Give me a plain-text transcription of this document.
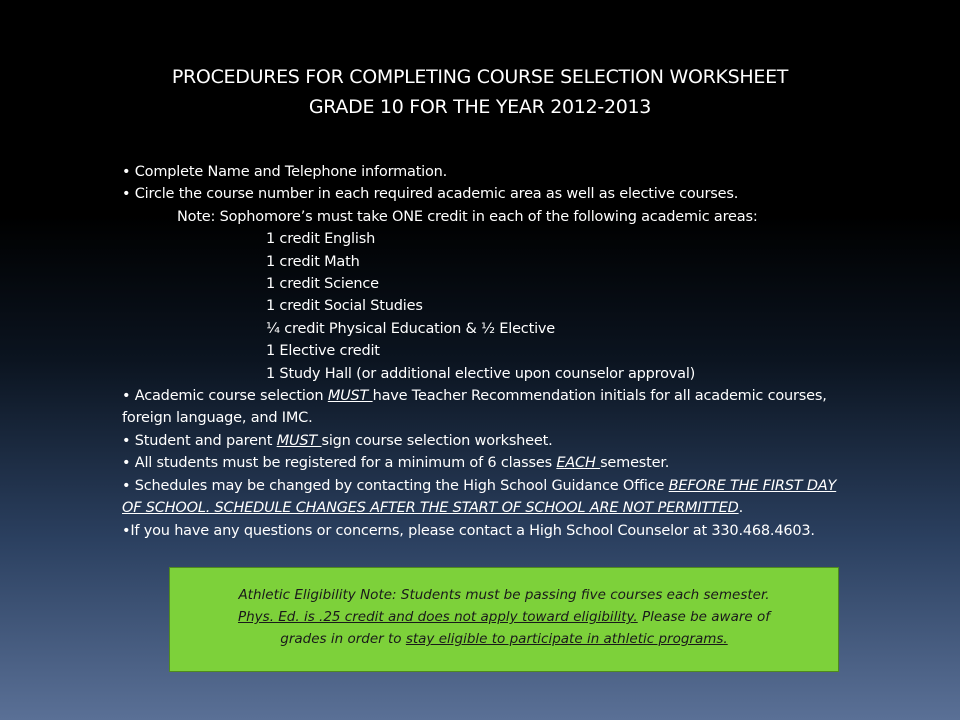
PROCEDURES FOR COMPLETING COURSE SELECTION WORKSHEET
GRADE 10 FOR THE YEAR 2012-2013
• Complete Name and Telephone information.
• Circle the course number in each required academic area as well as elective courses.
Note: Sophomore’s must take ONE credit in each of the following academic areas:
1 credit English
1 credit Math
1 credit Science
1 credit Social Studies
¼ credit Physical Education & ½ Elective
1 Elective credit
1 Study Hall (or additional elective upon counselor approval)
• Academic course selection MUST have Teacher Recommendation initials for all academic courses,
foreign language, and IMC.
• Student and parent MUST sign course selection worksheet.
• All students must be registered for a minimum of 6 classes EACH semester.
• Schedules may be changed by contacting the High School Guidance Office BEFORE THE FIRST DAY
OF SCHOOL. SCHEDULE CHANGES AFTER THE START OF SCHOOL ARE NOT PERMITTED.
•If you have any questions or concerns, please contact a High School Counselor at 330.468.4603.
Athletic Eligibility Note: Students must be passing five courses each semester.
Phys. Ed. is .25 credit and does not apply toward eligibility. Please be aware of
grades in order to stay eligible to participate in athletic programs.
